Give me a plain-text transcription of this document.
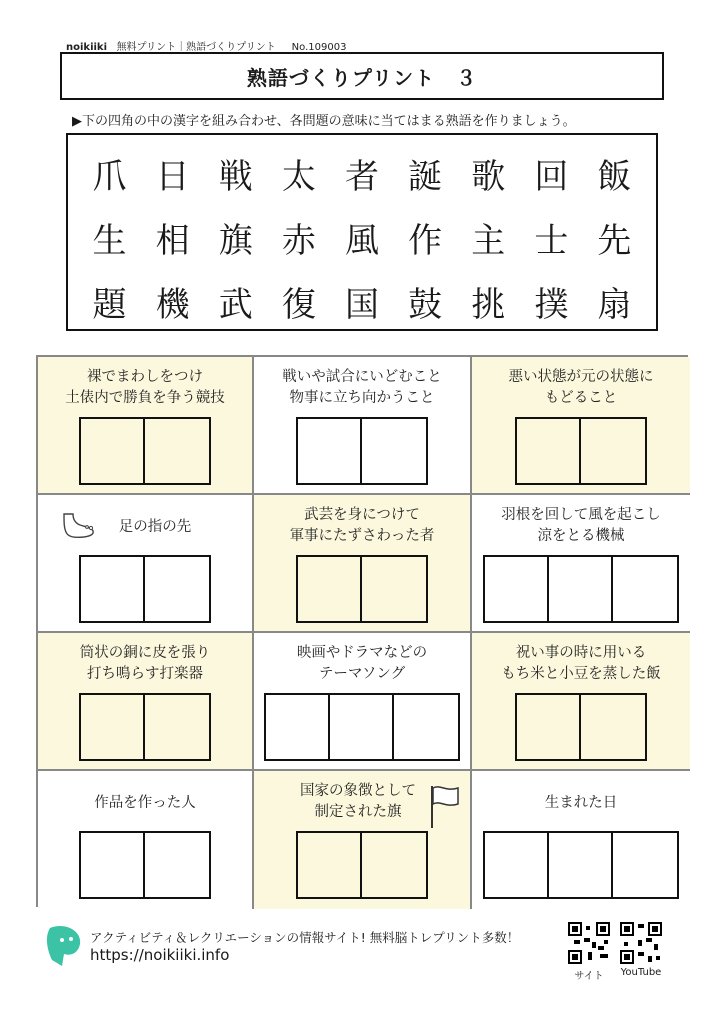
noikiiki 無料プリント｜熟語づくりプリント No.109003
熟語づくりプリント　３
▶下の四角の中の漢字を組み合わせ、各問題の意味に当てはまる熟語を作りましょう。
爪 日 戦 太 者 誕 歌 回 飯
生 相 旗 赤 風 作 主 士 先
題 機 武 復 国 鼓 挑 撲 扇
裸でまわしをつけ
土俵内で勝負を争う競技
戦いや試合にいどむこと
物事に立ち向かうこと
悪い状態が元の状態に
もどること
足の指の先
武芸を身につけて
軍事にたずさわった者
羽根を回して風を起こし
涼をとる機械
筒状の銅に皮を張り
打ち鳴らす打楽器
映画やドラマなどの
テーマソング
祝い事の時に用いる
もち米と小豆を蒸した飯
作品を作った人
国家の象徴として
制定された旗
生まれた日
アクティビティ＆レクリエーションの情報サイト! 無料脳トレプリント多数！
https://noikiiki.info
サイト	YouTube
